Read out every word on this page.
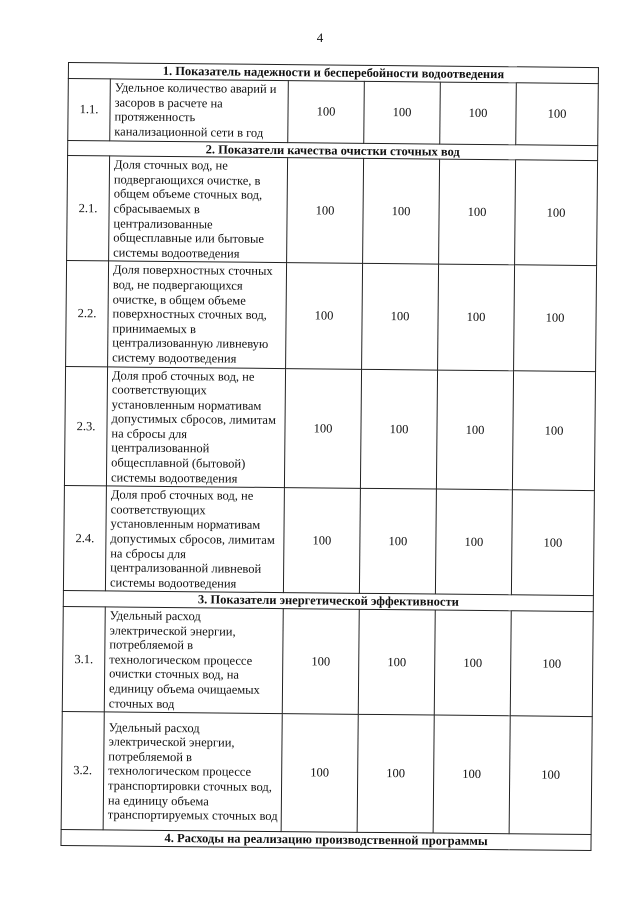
4
1. Показатель надежности и бесперебойности водоотведения					
1.1.	Удельное количество аварий и засоров в расчете на протяженность канализационной сети в год	100	100	100	100
2. Показатели качества очистки сточных вод					
2.1.	Доля сточных вод, не подвергающихся очистке, в общем объеме сточных вод, сбрасываемых в централизованные общесплавные или бытовые системы водоотведения	100	100	100	100
2.2.	Доля поверхностных сточных вод, не подвергающихся очистке, в общем объеме поверхностных сточных вод, принимаемых в централизованную ливневую систему водоотведения	100	100	100	100
2.3.	Доля проб сточных вод, не соответствующих установленным нормативам допустимых сбросов, лимитам на сбросы для централизованной общесплавной (бытовой) системы водоотведения	100	100	100	100
2.4.	Доля проб сточных вод, не соответствующих установленным нормативам допустимых сбросов, лимитам на сбросы для централизованной ливневой системы водоотведения	100	100	100	100
3. Показатели энергетической эффективности					
3.1.	Удельный расход электрической энергии, потребляемой в технологическом процессе очистки сточных вод, на единицу объема очищаемых сточных вод	100	100	100	100
3.2.	Удельный расход электрической энергии, потребляемой в технологическом процессе транспортировки сточных вод, на единицу объема транспортируемых сточных вод	100	100	100	100
4. Расходы на реализацию производственной программы					
